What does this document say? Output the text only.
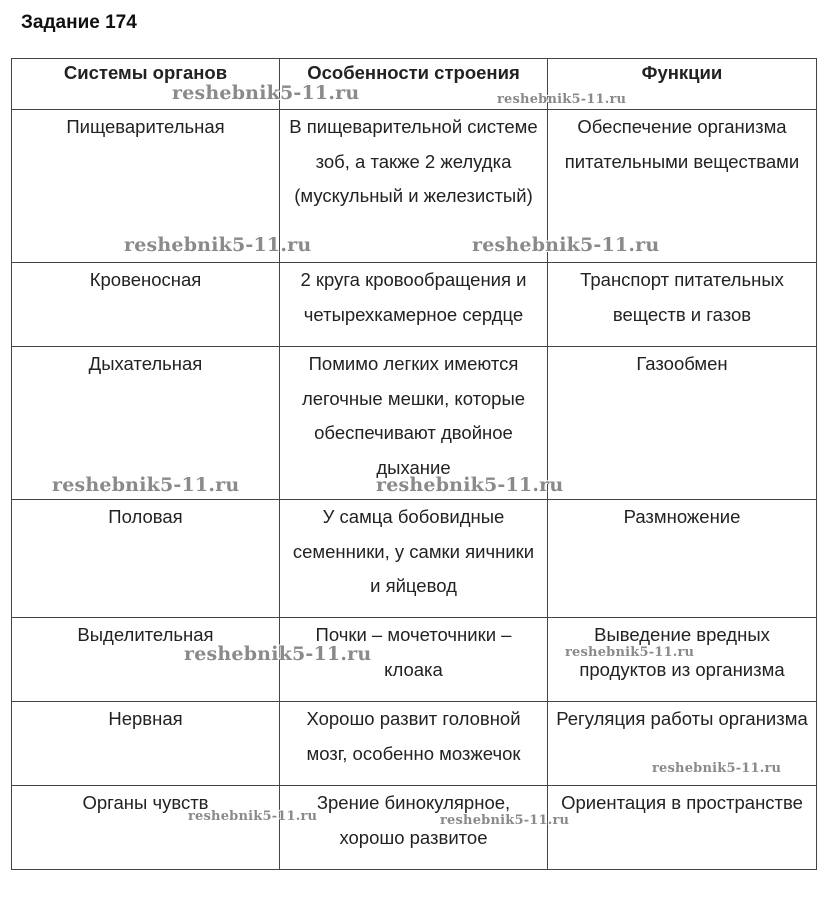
Задание 174
Системы органов	Особенности строения	Функции
Пищеварительная	В пищеварительной системе зоб, а также 2 желудка (мускульный и железистый)	Обеспечение организма питательными веществами
Кровеносная	2 круга кровообращения и четырехкамерное сердце	Транспорт питательных веществ и газов
Дыхательная	Помимо легких имеются легочные мешки, которые обеспечивают двойное дыхание	Газообмен
Половая	У самца бобовидные семенники, у самки яичники и яйцевод	Размножение
Выделительная	Почки – мочеточники – клоака	Выведение вредных продуктов из организма
Нервная	Хорошо развит головной мозг, особенно мозжечок	Регуляция работы организма
Органы чувств	Зрение бинокулярное, хорошо развитое	Ориентация в пространстве
reshebnik5-11.ru	reshebnik5-11.ru
reshebnik5-11.ru	reshebnik5-11.ru
reshebnik5-11.ru	reshebnik5-11.ru
reshebnik5-11.ru	reshebnik5-11.ru
reshebnik5-11.ru
reshebnik5-11.ru	reshebnik5-11.ru
